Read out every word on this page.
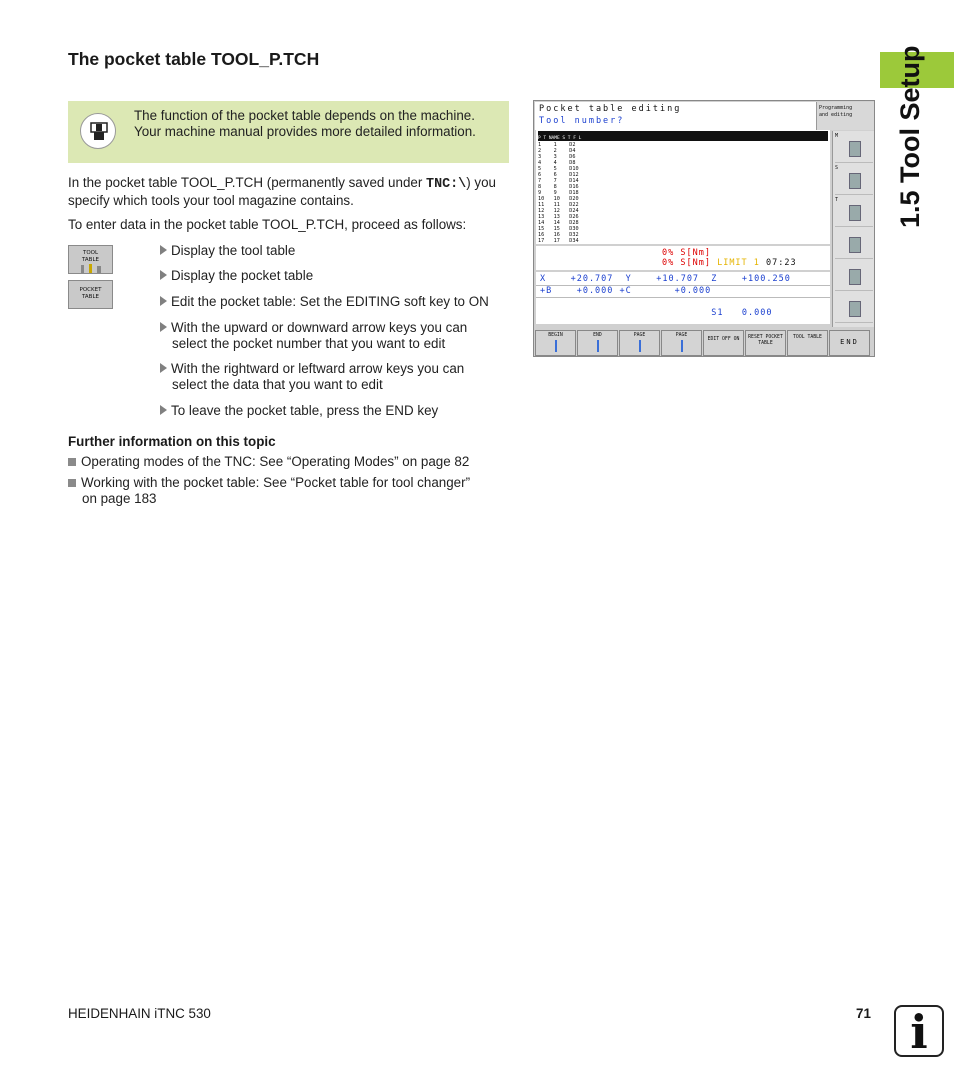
1.5 Tool Setup
The pocket table TOOL_P.TCH
The function of the pocket table depends on the machine. Your machine manual provides more detailed information.

In the pocket table TOOL_P.TCH (permanently saved under TNC:\) you specify which tools your tool magazine contains.

To enter data in the pocket table TOOL_P.TCH, proceed as follows:

TOOL
TABLE
POCKET
TABLE
Display the tool table
Display the pocket table
Edit the pocket table: Set the EDITING soft key to ON
With the upward or downward arrow keys you can
select the pocket number that you want to edit
With the rightward or leftward arrow keys you can
select the data that you want to edit
To leave the pocket table, press the END key
Further information on this topic
Operating modes of the TNC: See “Operating Modes” on page 82
Working with the pocket table: See “Pocket table for tool changer”
on page 183
Pocket table editing
Tool number?
Programming
and editing
P T NAME S T F L
1    1    D2
2    2    D4
3    3    D6
4    4    D8
5    5    D10
6    6    D12
7    7    D14
8    8    D16
9    9    D18
10   10   D20
11   11   D22
12   12   D24
13   13   D26
14   14   D28
15   15   D30
16   16   D32
17   17   D34
M
S
T
0% S[Nm]
0% S[Nm] LIMIT 1 07:23
X    +20.707  Y    +10.707  Z    +100.250
+B    +0.000 +C       +0.000
S1   0.000
BEGIN	END	PAGE	PAGE
EDIT OFF ON	RESET POCKET TABLE
TOOL TABLE
END
HEIDENHAIN iTNC 530	71 i
